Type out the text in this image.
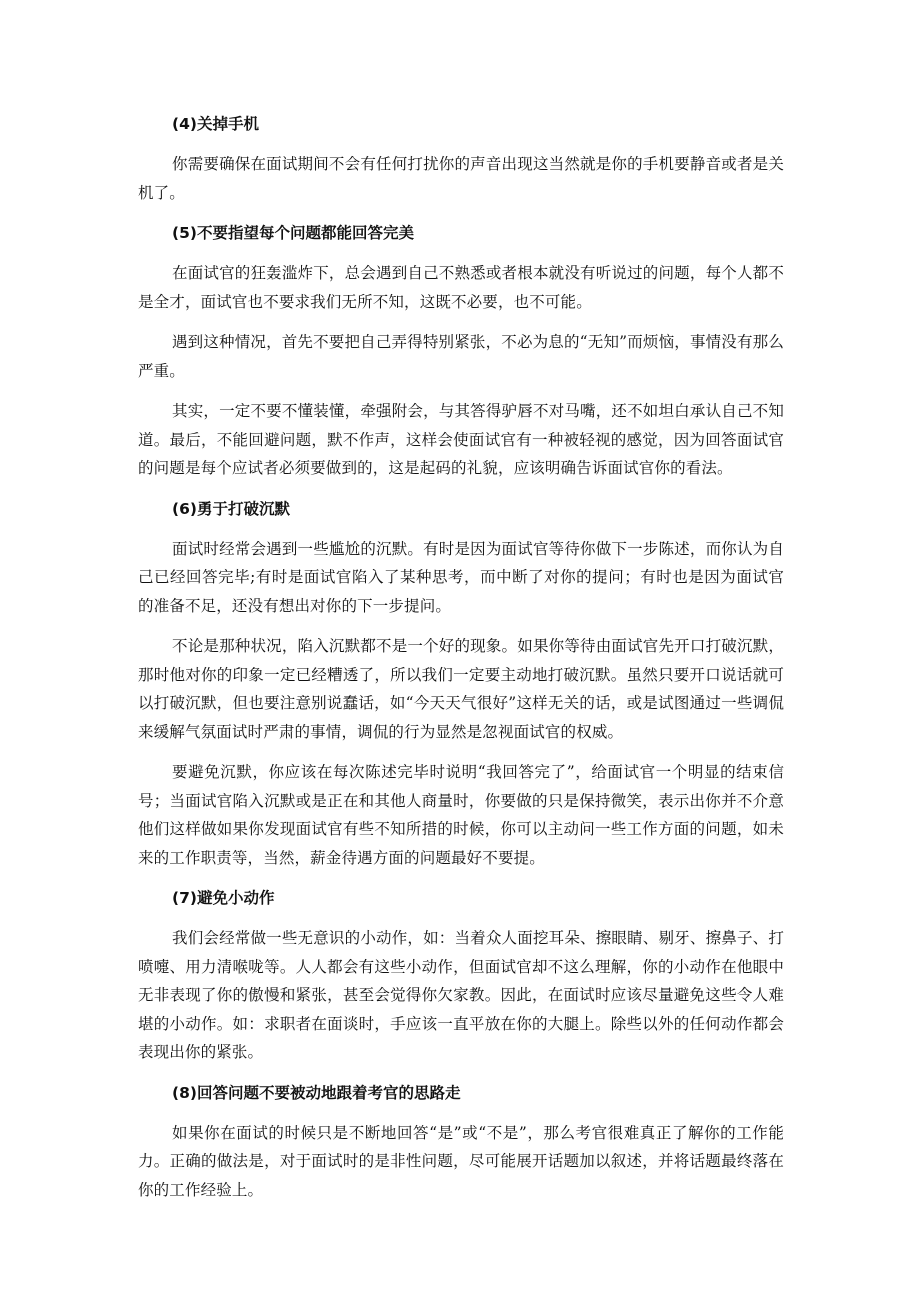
(4)关掉手机

你需要确保在面试期间不会有任何打扰你的声音出现这当然就是你的手机要静音或者是关机了。

(5)不要指望每个问题都能回答完美

在面试官的狂轰滥炸下，总会遇到自己不熟悉或者根本就没有听说过的问题，每个人都不是全才，面试官也不要求我们无所不知，这既不必要，也不可能。

遇到这种情况，首先不要把自己弄得特别紧张，不必为息的“无知”而烦恼，事情没有那么严重。

其实，一定不要不懂装懂，牵强附会，与其答得驴唇不对马嘴，还不如坦白承认自己不知道。最后，不能回避问题，默不作声，这样会使面试官有一种被轻视的感觉，因为回答面试官的问题是每个应试者必须要做到的，这是起码的礼貌，应该明确告诉面试官你的看法。

(6)勇于打破沉默

面试时经常会遇到一些尴尬的沉默。有时是因为面试官等待你做下一步陈述，而你认为自己已经回答完毕;有时是面试官陷入了某种思考，而中断了对你的提问；有时也是因为面试官的准备不足，还没有想出对你的下一步提问。

不论是那种状况，陷入沉默都不是一个好的现象。如果你等待由面试官先开口打破沉默，那时他对你的印象一定已经糟透了，所以我们一定要主动地打破沉默。虽然只要开口说话就可以打破沉默，但也要注意别说蠢话，如“今天天气很好”这样无关的话，或是试图通过一些调侃来缓解气氛面试时严肃的事情，调侃的行为显然是忽视面试官的权威。

要避免沉默，你应该在每次陈述完毕时说明“我回答完了”，给面试官一个明显的结束信号；当面试官陷入沉默或是正在和其他人商量时，你要做的只是保持微笑，表示出你并不介意他们这样做如果你发现面试官有些不知所措的时候，你可以主动问一些工作方面的问题，如未来的工作职责等，当然，薪金待遇方面的问题最好不要提。

(7)避免小动作

我们会经常做一些无意识的小动作，如：当着众人面挖耳朵、擦眼睛、剔牙、擦鼻子、打喷嚏、用力清喉咙等。人人都会有这些小动作，但面试官却不这么理解，你的小动作在他眼中无非表现了你的傲慢和紧张，甚至会觉得你欠家教。因此，在面试时应该尽量避免这些令人难堪的小动作。如：求职者在面谈时，手应该一直平放在你的大腿上。除些以外的任何动作都会表现出你的紧张。

(8)回答问题不要被动地跟着考官的思路走

如果你在面试的时候只是不断地回答“是”或“不是”，那么考官很难真正了解你的工作能力。正确的做法是，对于面试时的是非性问题，尽可能展开话题加以叙述，并将话题最终落在你的工作经验上。
